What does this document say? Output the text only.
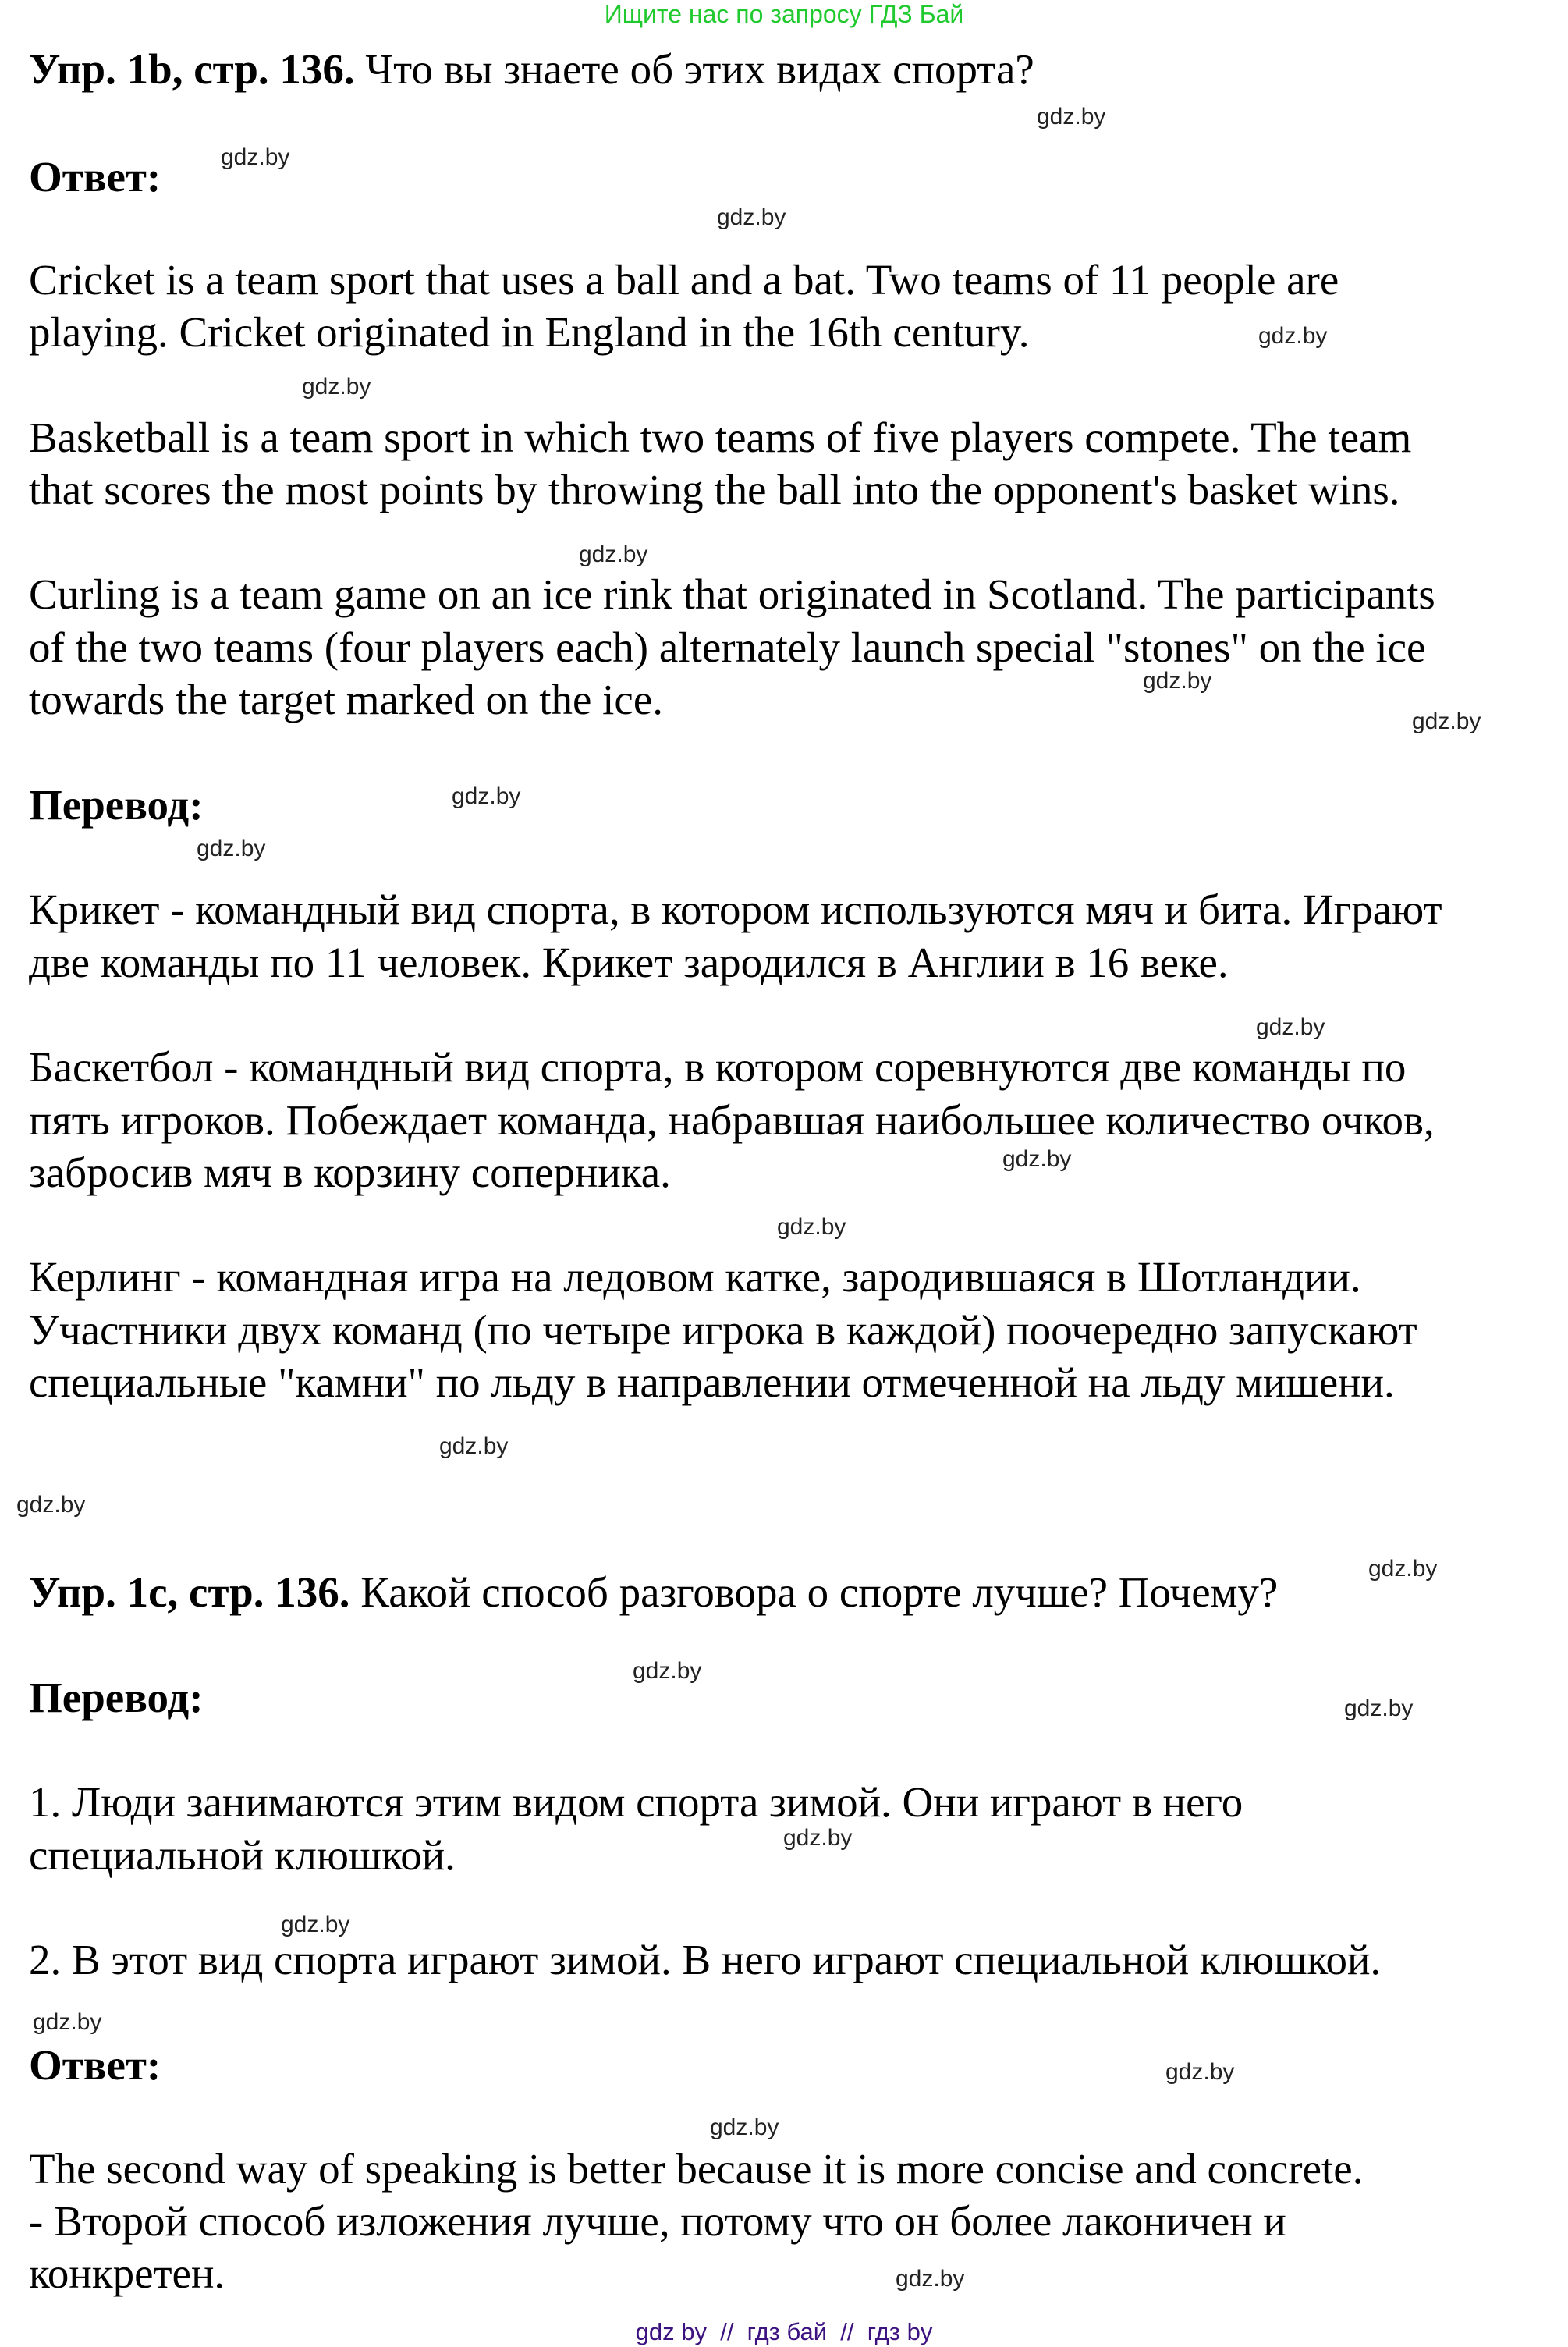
Ищите нас по запросу ГДЗ Бай
Упр. 1b, стр. 136. Что вы знаете об этих видах спорта?
Ответ:
Cricket is a team sport that uses a ball and a bat. Two teams of 11 people are
playing. Cricket originated in England in the 16th century.
Basketball is a team sport in which two teams of five players compete. The team
that scores the most points by throwing the ball into the opponent's basket wins.
Curling is a team game on an ice rink that originated in Scotland. The participants
of the two teams (four players each) alternately launch special "stones" on the ice
towards the target marked on the ice.
Перевод:
Крикет - командный вид спорта, в котором используются мяч и бита. Играют
две команды по 11 человек. Крикет зародился в Англии в 16 веке.
Баскетбол - командный вид спорта, в котором соревнуются две команды по
пять игроков. Побеждает команда, набравшая наибольшее количество очков,
забросив мяч в корзину соперника.
Керлинг - командная игра на ледовом катке, зародившаяся в Шотландии.
Участники двух команд (по четыре игрока в каждой) поочередно запускают
специальные "камни" по льду в направлении отмеченной на льду мишени.
Упр. 1c, стр. 136. Какой способ разговора о спорте лучше? Почему?
Перевод:
1. Люди занимаются этим видом спорта зимой. Они играют в него
специальной клюшкой.
2. В этот вид спорта играют зимой. В него играют специальной клюшкой.
Ответ:
The second way of speaking is better because it is more concise and concrete.
- Второй способ изложения лучше, потому что он более лаконичен и
конкретен.
gdz.by
gdz.by
gdz.by
gdz.by
gdz.by
gdz.by
gdz.by
gdz.by
gdz.by
gdz.by
gdz.by
gdz.by
gdz.by
gdz.by
gdz.by
gdz.by
gdz.by
gdz.by
gdz.by
gdz.by
gdz.by
gdz.by
gdz.by
gdz.by
gdz by  //  гдз бай  //  гдз by
